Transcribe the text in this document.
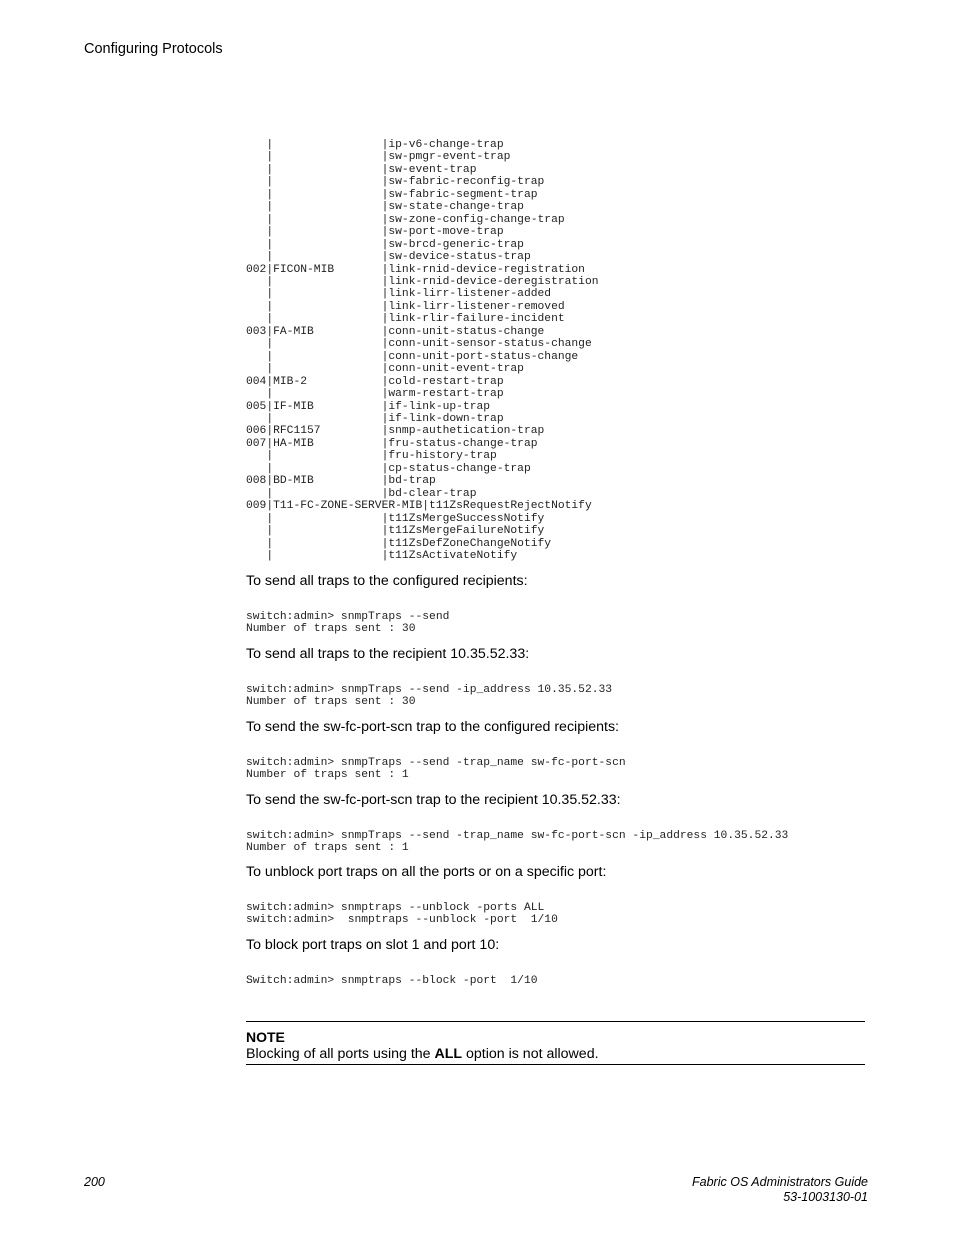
Configuring Protocols
|                |ip-v6-change-trap
|                |sw-pmgr-event-trap
|                |sw-event-trap
|                |sw-fabric-reconfig-trap
|                |sw-fabric-segment-trap
|                |sw-state-change-trap
|                |sw-zone-config-change-trap
|                |sw-port-move-trap
|                |sw-brcd-generic-trap
|                |sw-device-status-trap
002|FICON-MIB       |link-rnid-device-registration
|                |link-rnid-device-deregistration
|                |link-lirr-listener-added
|                |link-lirr-listener-removed
|                |link-rlir-failure-incident
003|FA-MIB          |conn-unit-status-change
|                |conn-unit-sensor-status-change
|                |conn-unit-port-status-change
|                |conn-unit-event-trap
004|MIB-2           |cold-restart-trap
|                |warm-restart-trap
005|IF-MIB          |if-link-up-trap
|                |if-link-down-trap
006|RFC1157         |snmp-authetication-trap
007|HA-MIB          |fru-status-change-trap
|                |fru-history-trap
|                |cp-status-change-trap
008|BD-MIB          |bd-trap
|                |bd-clear-trap
009|T11-FC-ZONE-SERVER-MIB|t11ZsRequestRejectNotify
|                |t11ZsMergeSuccessNotify
|                |t11ZsMergeFailureNotify
|                |t11ZsDefZoneChangeNotify
|                |t11ZsActivateNotify
To send all traps to the configured recipients:
switch:admin> snmpTraps --send
Number of traps sent : 30
To send all traps to the recipient 10.35.52.33:
switch:admin> snmpTraps --send -ip_address 10.35.52.33
Number of traps sent : 30
To send the sw-fc-port-scn trap to the configured recipients:
switch:admin> snmpTraps --send -trap_name sw-fc-port-scn
Number of traps sent : 1
To send the sw-fc-port-scn trap to the recipient 10.35.52.33:
switch:admin> snmpTraps --send -trap_name sw-fc-port-scn -ip_address 10.35.52.33
Number of traps sent : 1
To unblock port traps on all the ports or on a specific port:
switch:admin> snmptraps --unblock -ports ALL
switch:admin>  snmptraps --unblock -port  1/10
To block port traps on slot 1 and port 10:
Switch:admin> snmptraps --block -port  1/10
NOTE
Blocking of all ports using the ALL option is not allowed.
200	Fabric OS Administrators Guide
53-1003130-01
